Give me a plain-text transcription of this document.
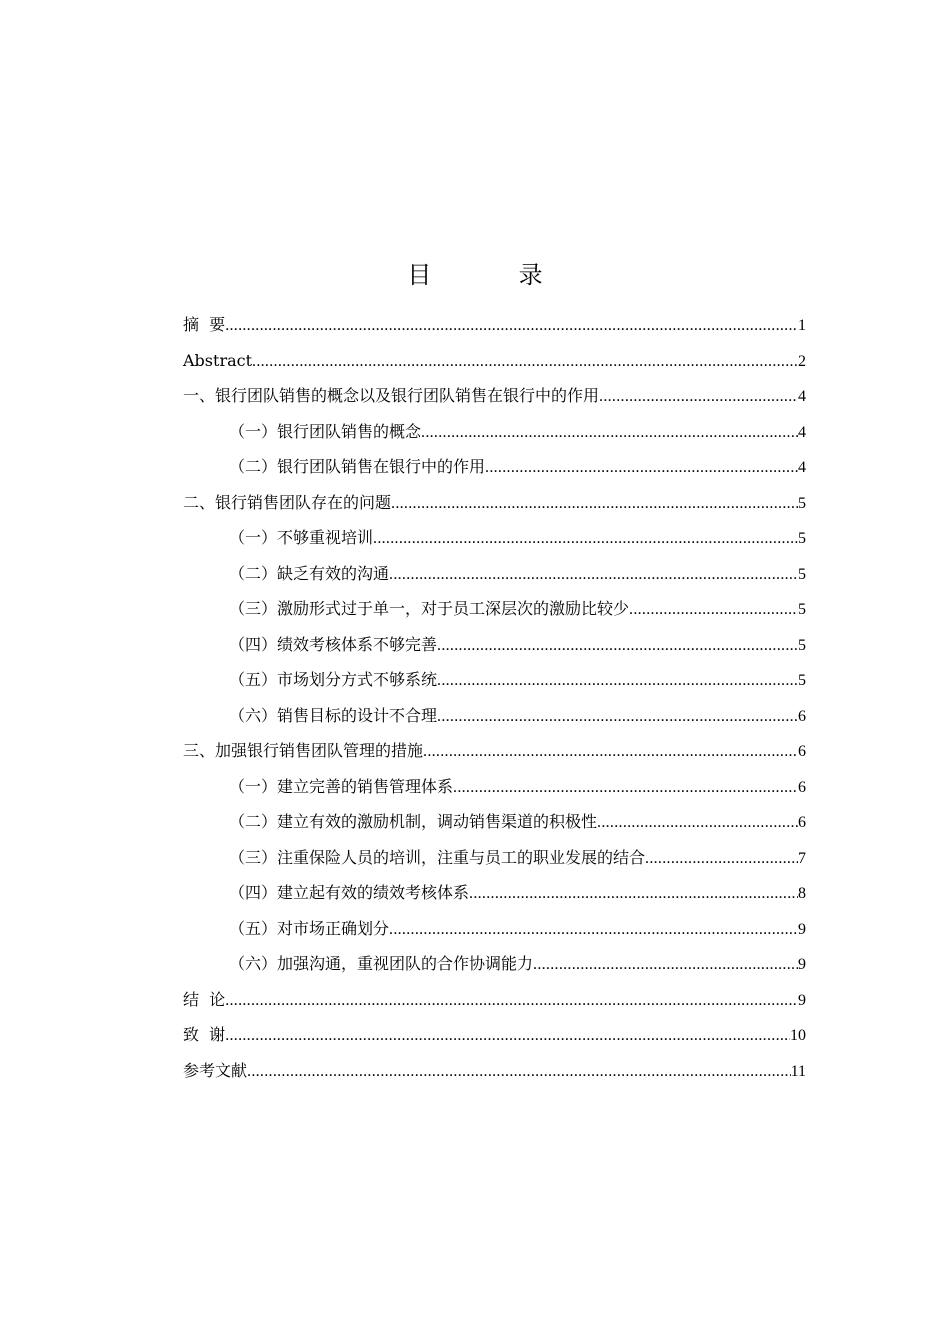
目  录
摘  要 .....	1
Abstract .....	2
一、银行团队销售的概念以及银行团队销售在银行中的作用 .....	4
（一）银行团队销售的概念 .....	4
（二）银行团队销售在银行中的作用 .....	4
二、银行销售团队存在的问题 .....	5
（一）不够重视培训 .....	5
（二）缺乏有效的沟通 .....	5
（三）激励形式过于单一，对于员工深层次的激励比较少 .....	5
（四）绩效考核体系不够完善 .....	5
（五）市场划分方式不够系统 .....	5
（六）销售目标的设计不合理 .....	6
三、加强银行销售团队管理的措施 .....	6
（一）建立完善的销售管理体系 .....	6
（二）建立有效的激励机制，调动销售渠道的积极性 .....	6
（三）注重保险人员的培训，注重与员工的职业发展的结合 .....	7
（四）建立起有效的绩效考核体系 .....	8
（五）对市场正确划分 .....	9
（六）加强沟通，重视团队的合作协调能力 .....	9
结  论 .....	9
致  谢 .....	10
参考文献 .....	11
